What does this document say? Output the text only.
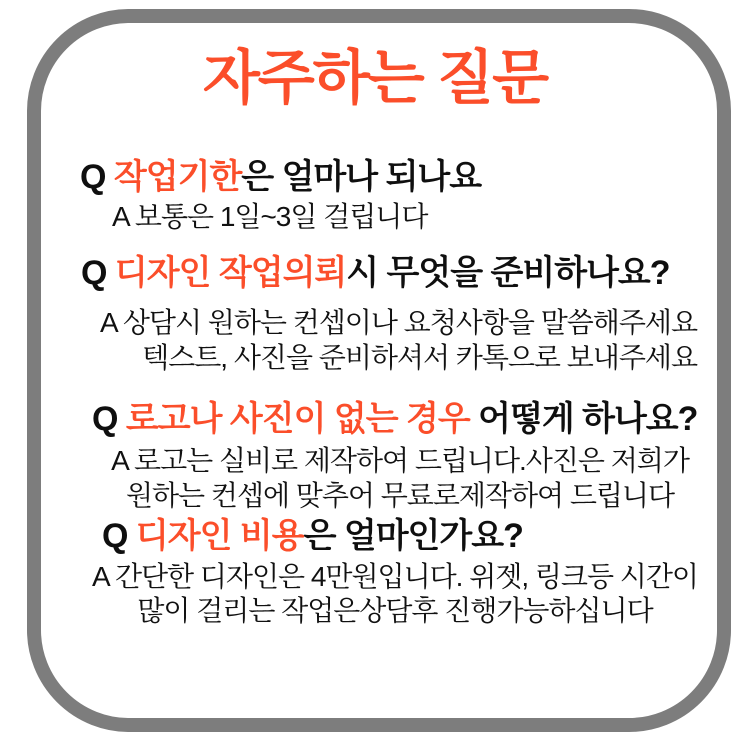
자주하는 질문
Q 작업기한은 얼마나 되나요
A 보통은 1일~3일 걸립니다
Q 디자인 작업의뢰시 무엇을 준비하나요?
A 상담시 원하는 컨셉이나 요청사항을 말씀해주세요
텍스트, 사진을 준비하셔서 카톡으로 보내주세요
Q 로고나 사진이 없는 경우 어떻게 하나요?
A 로고는 실비로 제작하여 드립니다.사진은 저희가
원하는 컨셉에 맞추어 무료로제작하여 드립니다
Q 디자인 비용은 얼마인가요?
A 간단한 디자인은 4만원입니다. 위젯, 링크등 시간이
많이 걸리는 작업은상담후 진행가능하십니다
